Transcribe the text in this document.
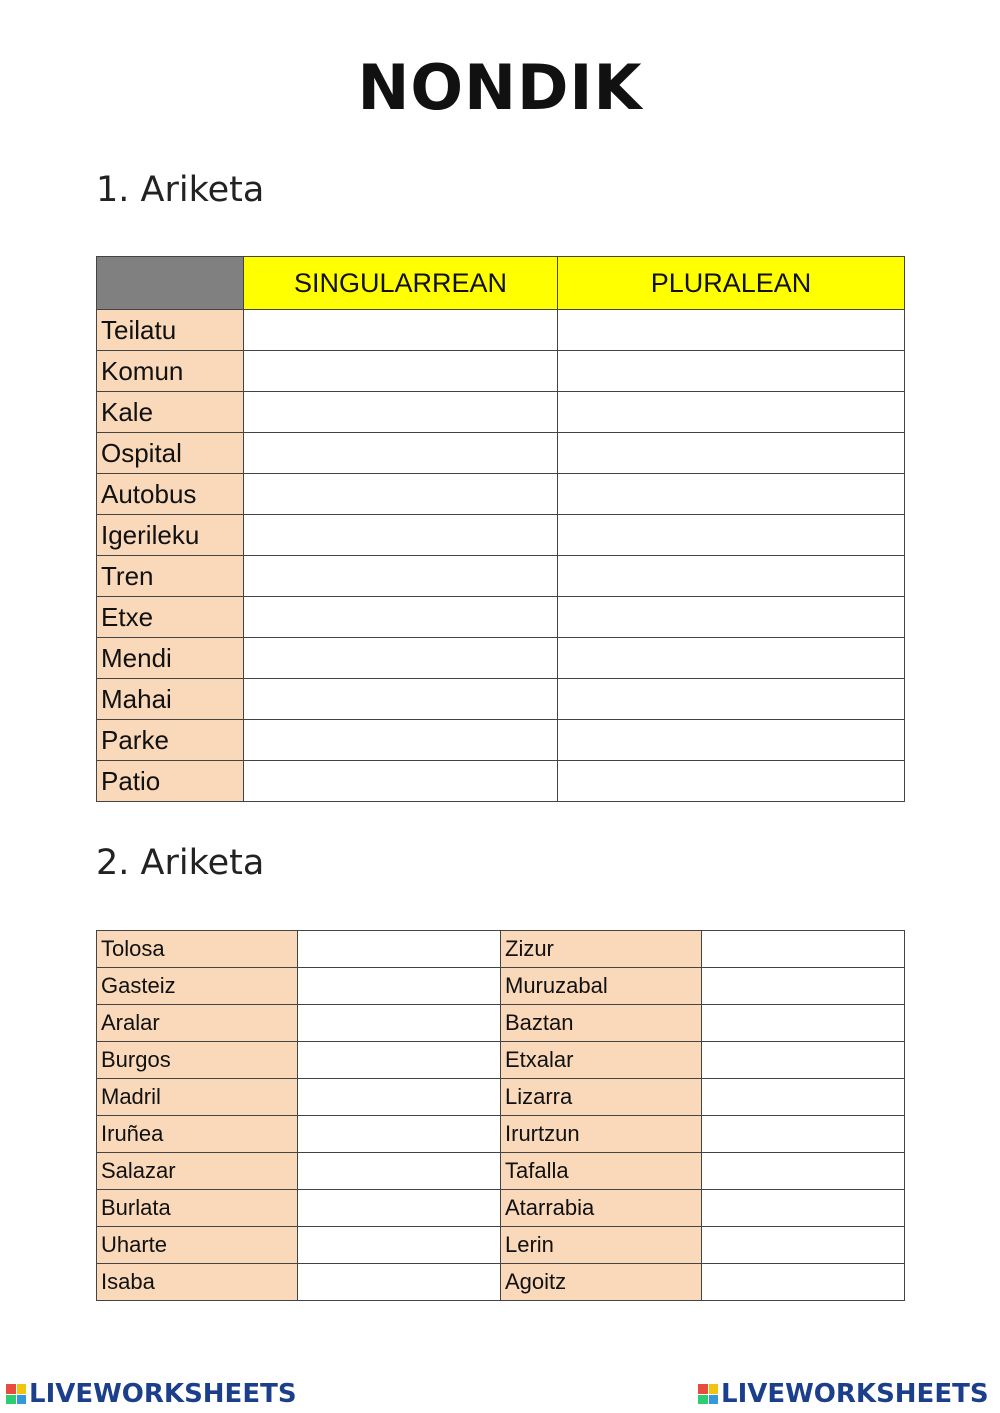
NONDIK
1. Ariketa
	SINGULARREAN	PLURALEAN
Teilatu		
Komun		
Kale		
Ospital		
Autobus		
Igerileku		
Tren		
Etxe		
Mendi		
Mahai		
Parke		
Patio		
2. Ariketa
Tolosa		Zizur	
Gasteiz		Muruzabal	
Aralar		Baztan	
Burgos		Etxalar	
Madril		Lizarra	
Iruñea		Irurtzun	
Salazar		Tafalla	
Burlata		Atarrabia	
Uharte		Lerin	
Isaba		Agoitz	
LIVEWORKSHEETS	LIVEWORKSHEETS
